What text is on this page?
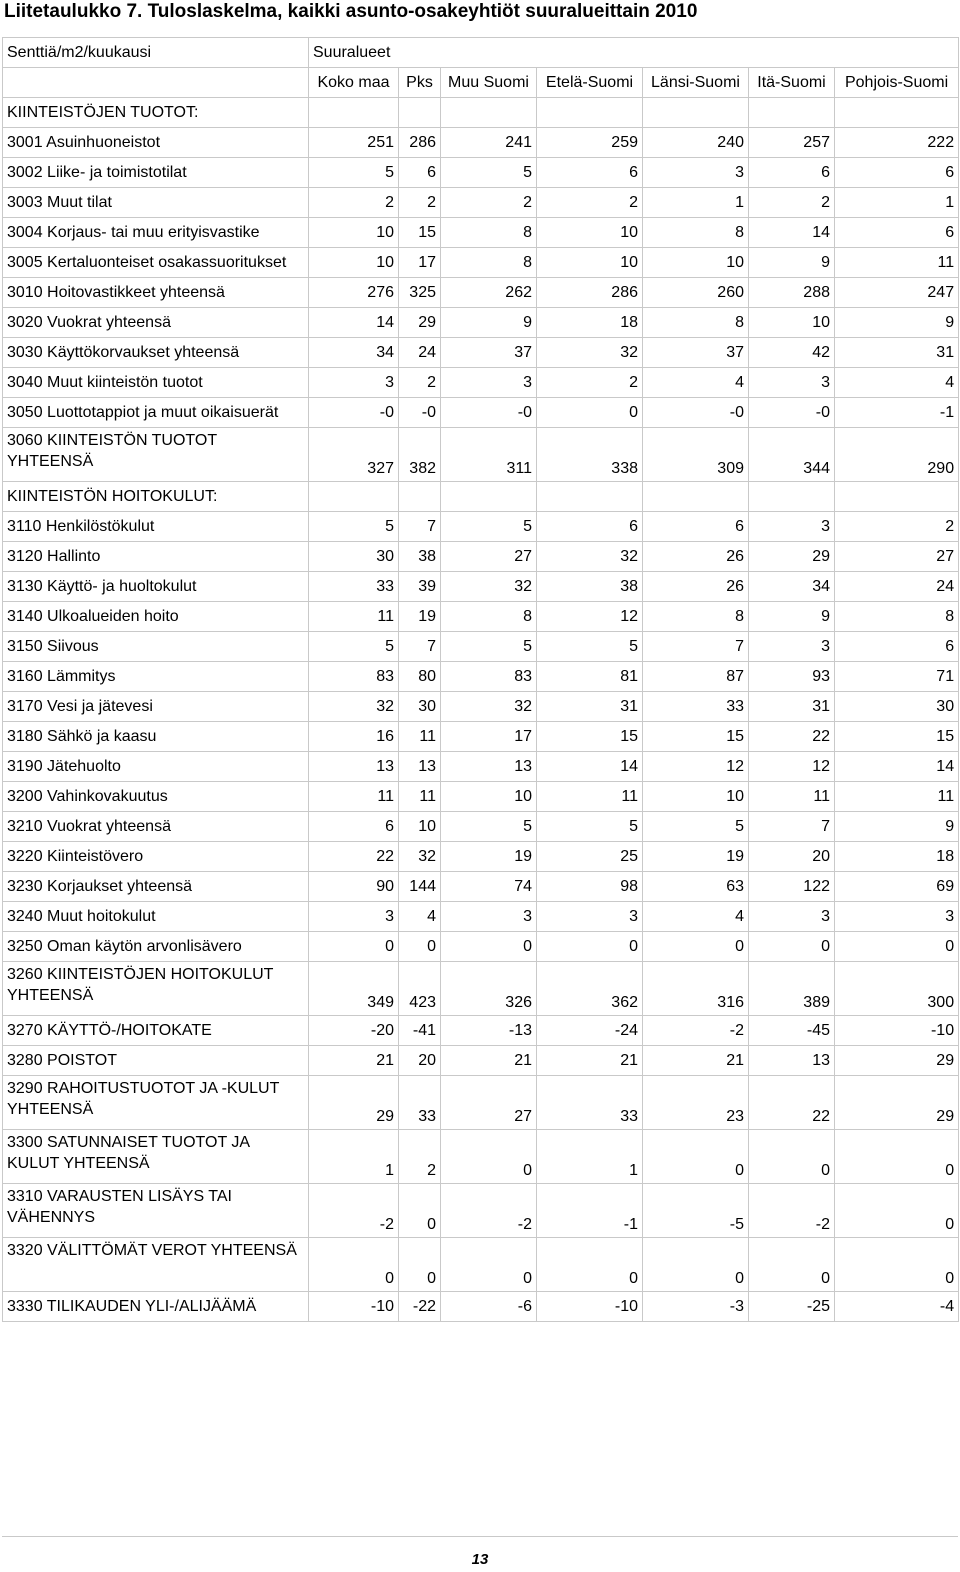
Liitetaulukko 7. Tuloslaskelma, kaikki asunto-osakeyhtiöt suuralueittain 2010
Senttiä/m2/kuukausi	Suuralueet						
	Koko maa	Pks	Muu Suomi	Etelä-Suomi	Länsi-Suomi	Itä-Suomi	Pohjois-Suomi
KIINTEISTÖJEN TUOTOT:							
3001 Asuinhuoneistot	251	286	241	259	240	257	222
3002 Liike- ja toimistotilat	5	6	5	6	3	6	6
3003 Muut tilat	2	2	2	2	1	2	1
3004 Korjaus- tai muu erityisvastike	10	15	8	10	8	14	6
3005 Kertaluonteiset osakassuoritukset	10	17	8	10	10	9	11
3010 Hoitovastikkeet yhteensä	276	325	262	286	260	288	247
3020 Vuokrat yhteensä	14	29	9	18	8	10	9
3030 Käyttökorvaukset yhteensä	34	24	37	32	37	42	31
3040 Muut kiinteistön tuotot	3	2	3	2	4	3	4
3050 Luottotappiot ja muut oikaisuerät	-0	-0	-0	0	-0	-0	-1
3060 KIINTEISTÖN TUOTOT YHTEENSÄ	327	382	311	338	309	344	290
KIINTEISTÖN HOITOKULUT:							
3110 Henkilöstökulut	5	7	5	6	6	3	2
3120 Hallinto	30	38	27	32	26	29	27
3130 Käyttö- ja huoltokulut	33	39	32	38	26	34	24
3140 Ulkoalueiden hoito	11	19	8	12	8	9	8
3150 Siivous	5	7	5	5	7	3	6
3160 Lämmitys	83	80	83	81	87	93	71
3170 Vesi ja jätevesi	32	30	32	31	33	31	30
3180 Sähkö ja kaasu	16	11	17	15	15	22	15
3190 Jätehuolto	13	13	13	14	12	12	14
3200 Vahinkovakuutus	11	11	10	11	10	11	11
3210 Vuokrat yhteensä	6	10	5	5	5	7	9
3220 Kiinteistövero	22	32	19	25	19	20	18
3230 Korjaukset yhteensä	90	144	74	98	63	122	69
3240 Muut hoitokulut	3	4	3	3	4	3	3
3250 Oman käytön arvonlisävero	0	0	0	0	0	0	0
3260 KIINTEISTÖJEN HOITOKULUT YHTEENSÄ	349	423	326	362	316	389	300
3270 KÄYTTÖ-/HOITOKATE	-20	-41	-13	-24	-2	-45	-10
3280 POISTOT	21	20	21	21	21	13	29
3290 RAHOITUSTUOTOT JA -KULUT YHTEENSÄ	29	33	27	33	23	22	29
3300 SATUNNAISET TUOTOT JA KULUT YHTEENSÄ	1	2	0	1	0	0	0
3310 VARAUSTEN LISÄYS TAI VÄHENNYS	-2	0	-2	-1	-5	-2	0
3320 VÄLITTÖMÄT VEROT YHTEENSÄ	0	0	0	0	0	0	0
3330 TILIKAUDEN YLI-/ALIJÄÄMÄ	-10	-22	-6	-10	-3	-25	-4
13
